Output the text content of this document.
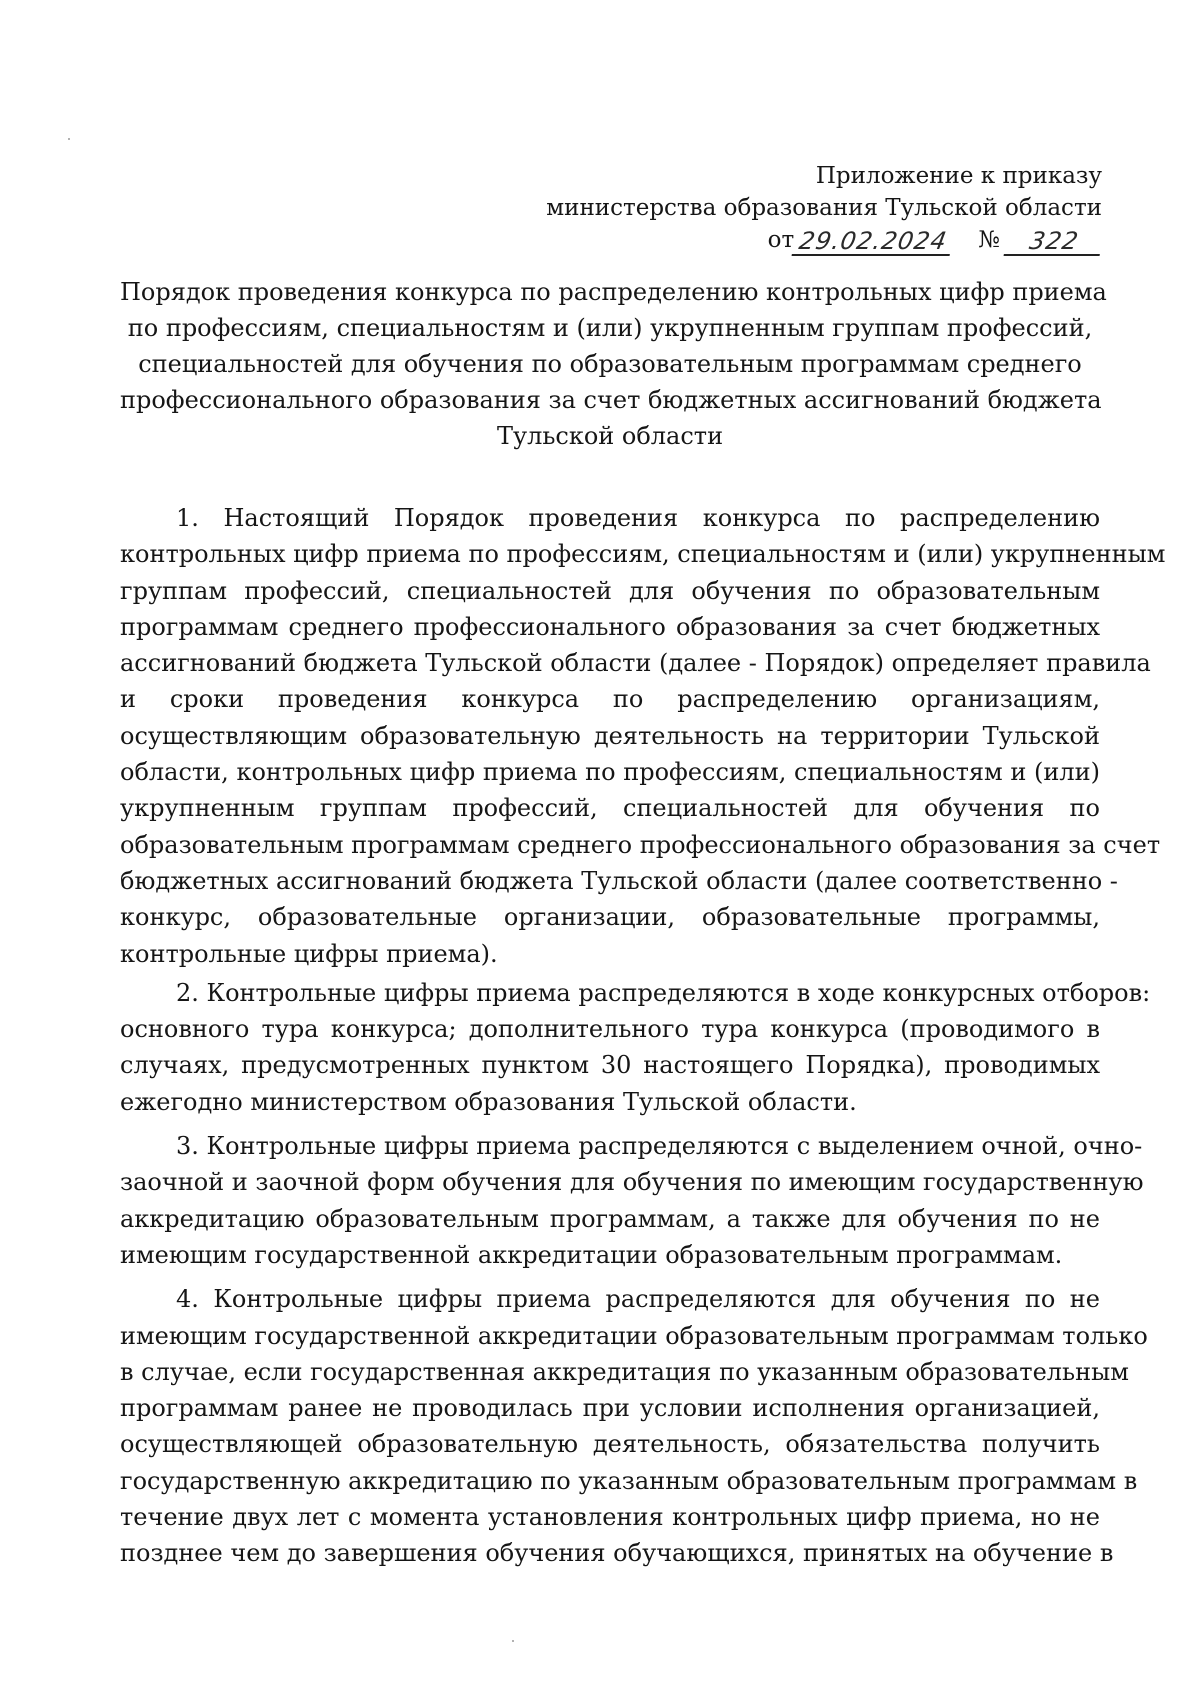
Приложение к приказу
министерства образования Тульской области
от 29.02.2024 №	322
Порядок проведения конкурса по распределению контрольных цифр приема
по профессиям, специальностям и (или) укрупненным группам профессий,
специальностей для обучения по образовательным программам среднего
профессионального образования за счет бюджетных ассигнований бюджета
Тульской области
1. Настоящий Порядок проведения конкурса по распределению
контрольных цифр приема по профессиям, специальностям и (или) укрупненным
группам профессий, специальностей для обучения по образовательным
программам среднего профессионального образования за счет бюджетных
ассигнований бюджета Тульской области (далее - Порядок) определяет правила
и сроки проведения конкурса по распределению организациям,
осуществляющим образовательную деятельность на территории Тульской
области, контрольных цифр приема по профессиям, специальностям и (или)
укрупненным группам профессий, специальностей для обучения по
образовательным программам среднего профессионального образования за счет
бюджетных ассигнований бюджета Тульской области (далее соответственно -
конкурс, образовательные организации, образовательные программы,
контрольные цифры приема).
2. Контрольные цифры приема распределяются в ходе конкурсных отборов:
основного тура конкурса; дополнительного тура конкурса (проводимого в
случаях, предусмотренных пунктом 30 настоящего Порядка), проводимых
ежегодно министерством образования Тульской области.
3. Контрольные цифры приема распределяются с выделением очной, очно-
заочной и заочной форм обучения для обучения по имеющим государственную
аккредитацию образовательным программам, а также для обучения по не
имеющим государственной аккредитации образовательным программам.
4. Контрольные цифры приема распределяются для обучения по не
имеющим государственной аккредитации образовательным программам только
в случае, если государственная аккредитация по указанным образовательным
программам ранее не проводилась при условии исполнения организацией,
осуществляющей образовательную деятельность, обязательства получить
государственную аккредитацию по указанным образовательным программам в
течение двух лет с момента установления контрольных цифр приема, но не
позднее чем до завершения обучения обучающихся, принятых на обучение в
